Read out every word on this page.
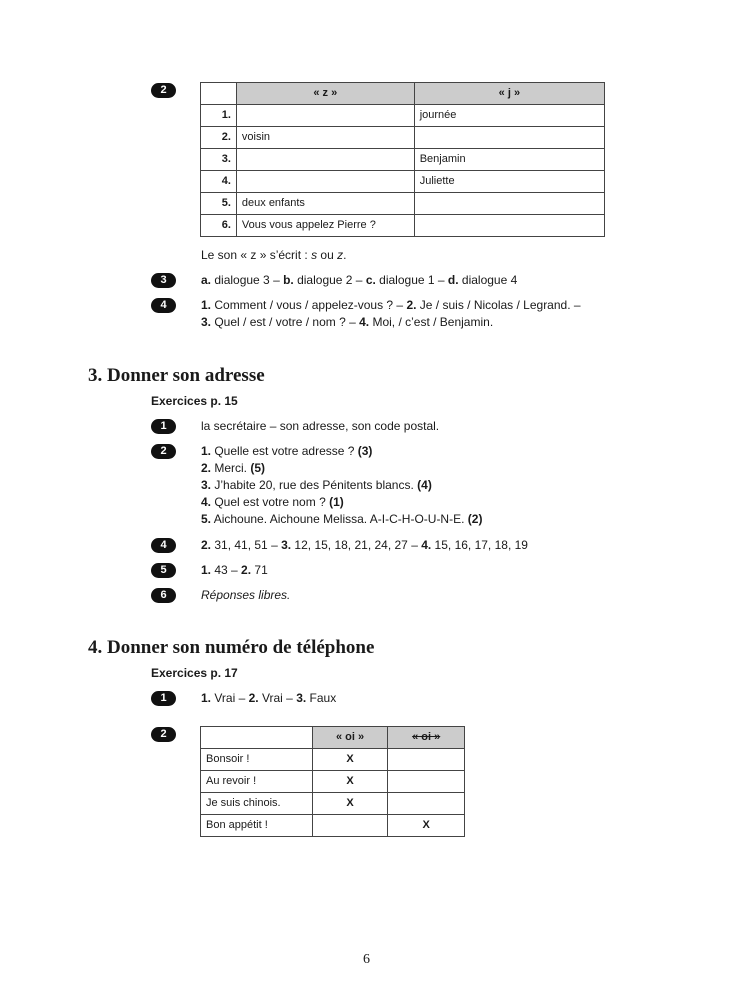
2
		« z »	« j »
1.		journée
2.	voisin	
3.		Benjamin
4.		Juliette
5.	deux enfants	
6.	Vous vous appelez Pierre ?	
Le son « z » s’écrit : s ou z.
3	a. dialogue 3 – b. dialogue 2 – c. dialogue 1 – d. dialogue 4
4	1. Comment / vous / appelez-vous ? – 2. Je / suis / Nicolas / Legrand. –
3. Quel / est / votre / nom ? – 4. Moi, / c’est / Benjamin.
3. Donner son adresse
Exercices p. 15
1	la secrétaire – son adresse, son code postal.
2	1. Quelle est votre adresse ? (3)
2. Merci. (5)
3. J’habite 20, rue des Pénitents blancs. (4)
4. Quel est votre nom ? (1)
5. Aichoune. Aichoune Melissa. A-I-C-H-O-U-N-E. (2)
4	2. 31, 41, 51 – 3. 12, 15, 18, 21, 24, 27 – 4. 15, 16, 17, 18, 19
5	1. 43 – 2. 71
6	Réponses libres.
4. Donner son numéro de téléphone
Exercices p. 17
1	1. Vrai – 2. Vrai – 3. Faux
2
		« oi »	« oi »
Bonsoir !	X	
Au revoir !	X	
Je suis chinois.	X	
Bon appétit !		X
6
